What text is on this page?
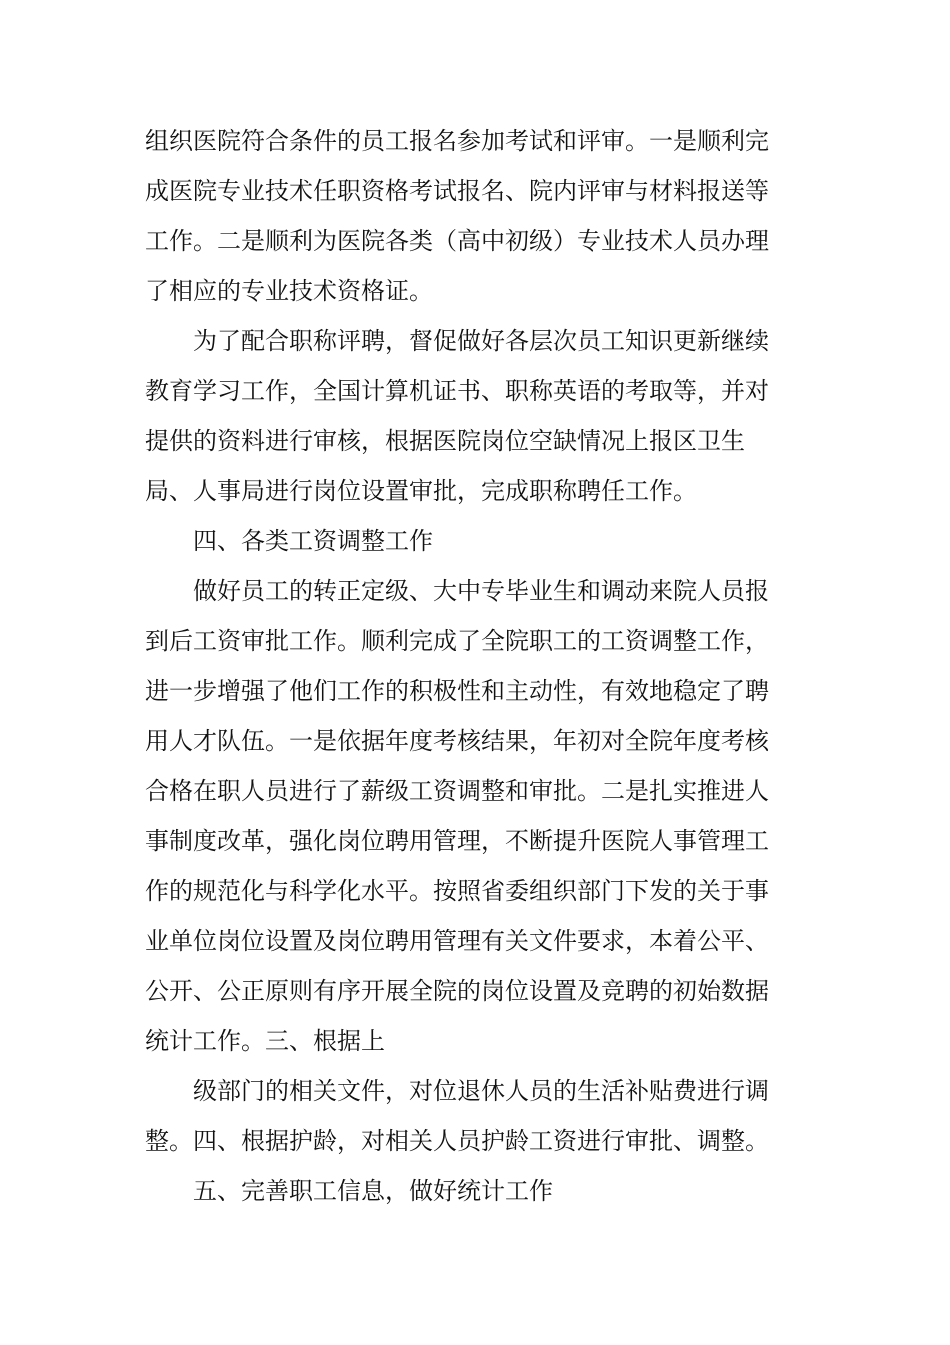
组织医院符合条件的员工报名参加考试和评审。一是顺利完
成医院专业技术任职资格考试报名、院内评审与材料报送等
工作。二是顺利为医院各类（高中初级）专业技术人员办理
了相应的专业技术资格证。
为了配合职称评聘，督促做好各层次员工知识更新继续
教育学习工作，全国计算机证书、职称英语的考取等，并对
提供的资料进行审核，根据医院岗位空缺情况上报区卫生
局、人事局进行岗位设置审批，完成职称聘任工作。
四、各类工资调整工作
做好员工的转正定级、大中专毕业生和调动来院人员报
到后工资审批工作。顺利完成了全院职工的工资调整工作，
进一步增强了他们工作的积极性和主动性，有效地稳定了聘
用人才队伍。一是依据年度考核结果，年初对全院年度考核
合格在职人员进行了薪级工资调整和审批。二是扎实推进人
事制度改革，强化岗位聘用管理，不断提升医院人事管理工
作的规范化与科学化水平。按照省委组织部门下发的关于事
业单位岗位设置及岗位聘用管理有关文件要求，本着公平、
公开、公正原则有序开展全院的岗位设置及竞聘的初始数据
统计工作。三、根据上
级部门的相关文件，对位退休人员的生活补贴费进行调
整。四、根据护龄，对相关人员护龄工资进行审批、调整。
五、完善职工信息，做好统计工作
